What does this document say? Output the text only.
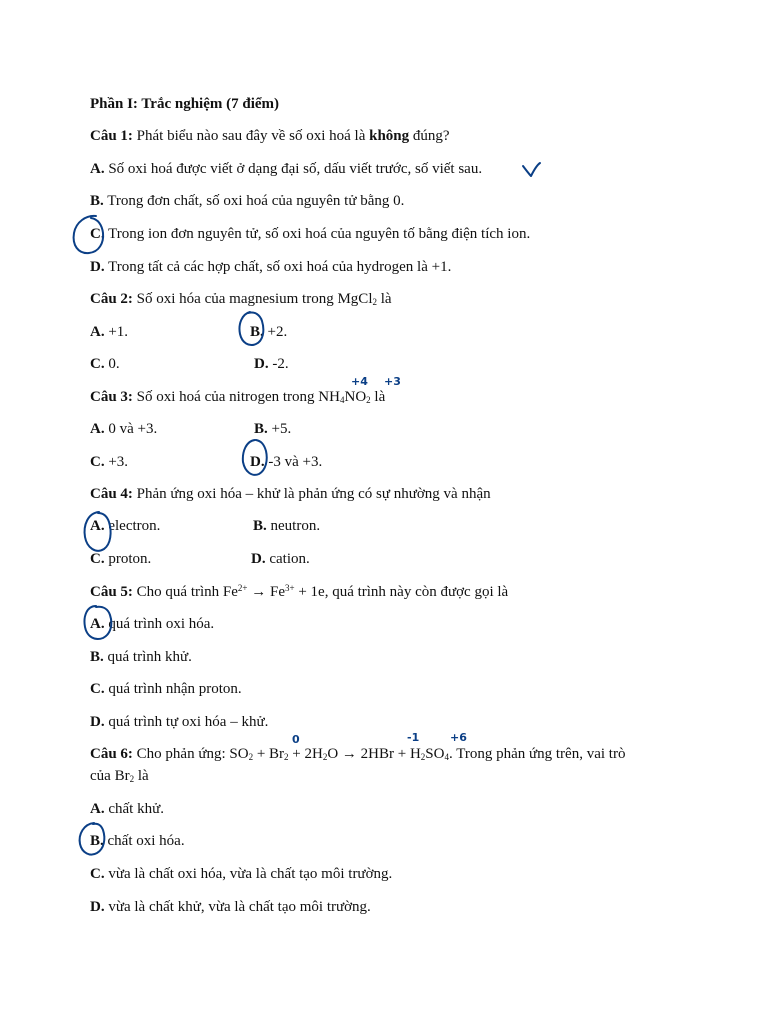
Phần I: Trắc nghiệm (7 điểm)
Câu 1: Phát biểu nào sau đây về số oxi hoá là không đúng?
A. Số oxi hoá được viết ở dạng đại số, dấu viết trước, số viết sau.
B. Trong đơn chất, số oxi hoá của nguyên tử bằng 0.
C. Trong ion đơn nguyên tử, số oxi hoá của nguyên tố bằng điện tích ion.
D. Trong tất cả các hợp chất, số oxi hoá của hydrogen là +1.
Câu 2: Số oxi hóa của magnesium trong MgCl$_2$ là
A. +1.	B. +2.
C. 0.	D. -2.
Câu 3: Số oxi hoá của nitrogen trong $NH_4NO_2$ là
A. 0 và +3.	B. +5.
C. +3.	D. -3 và +3.
Câu 4: Phản ứng oxi hóa – khử là phản ứng có sự nhường và nhận
A. electron.	B. neutron.
C. proton.	D. cation.
Câu 5: Cho quá trình $Fe^{2+} \to Fe^{3+} + 1e$, quá trình này còn được gọi là
A. quá trình oxi hóa.
B. quá trình khử.
C. quá trình nhận proton.
D. quá trình tự oxi hóa – khử.
Câu 6: Cho phản ứng: $SO_2 + Br_2 + 2H_2O \to 2HBr + H_2SO_4$. Trong phản ứng trên, vai trò
của $Br_2$ là
A. chất khử.
B. chất oxi hóa.
C. vừa là chất oxi hóa, vừa là chất tạo môi trường.
D. vừa là chất khử, vừa là chất tạo môi trường.
+4 +3
0	-1	+6
